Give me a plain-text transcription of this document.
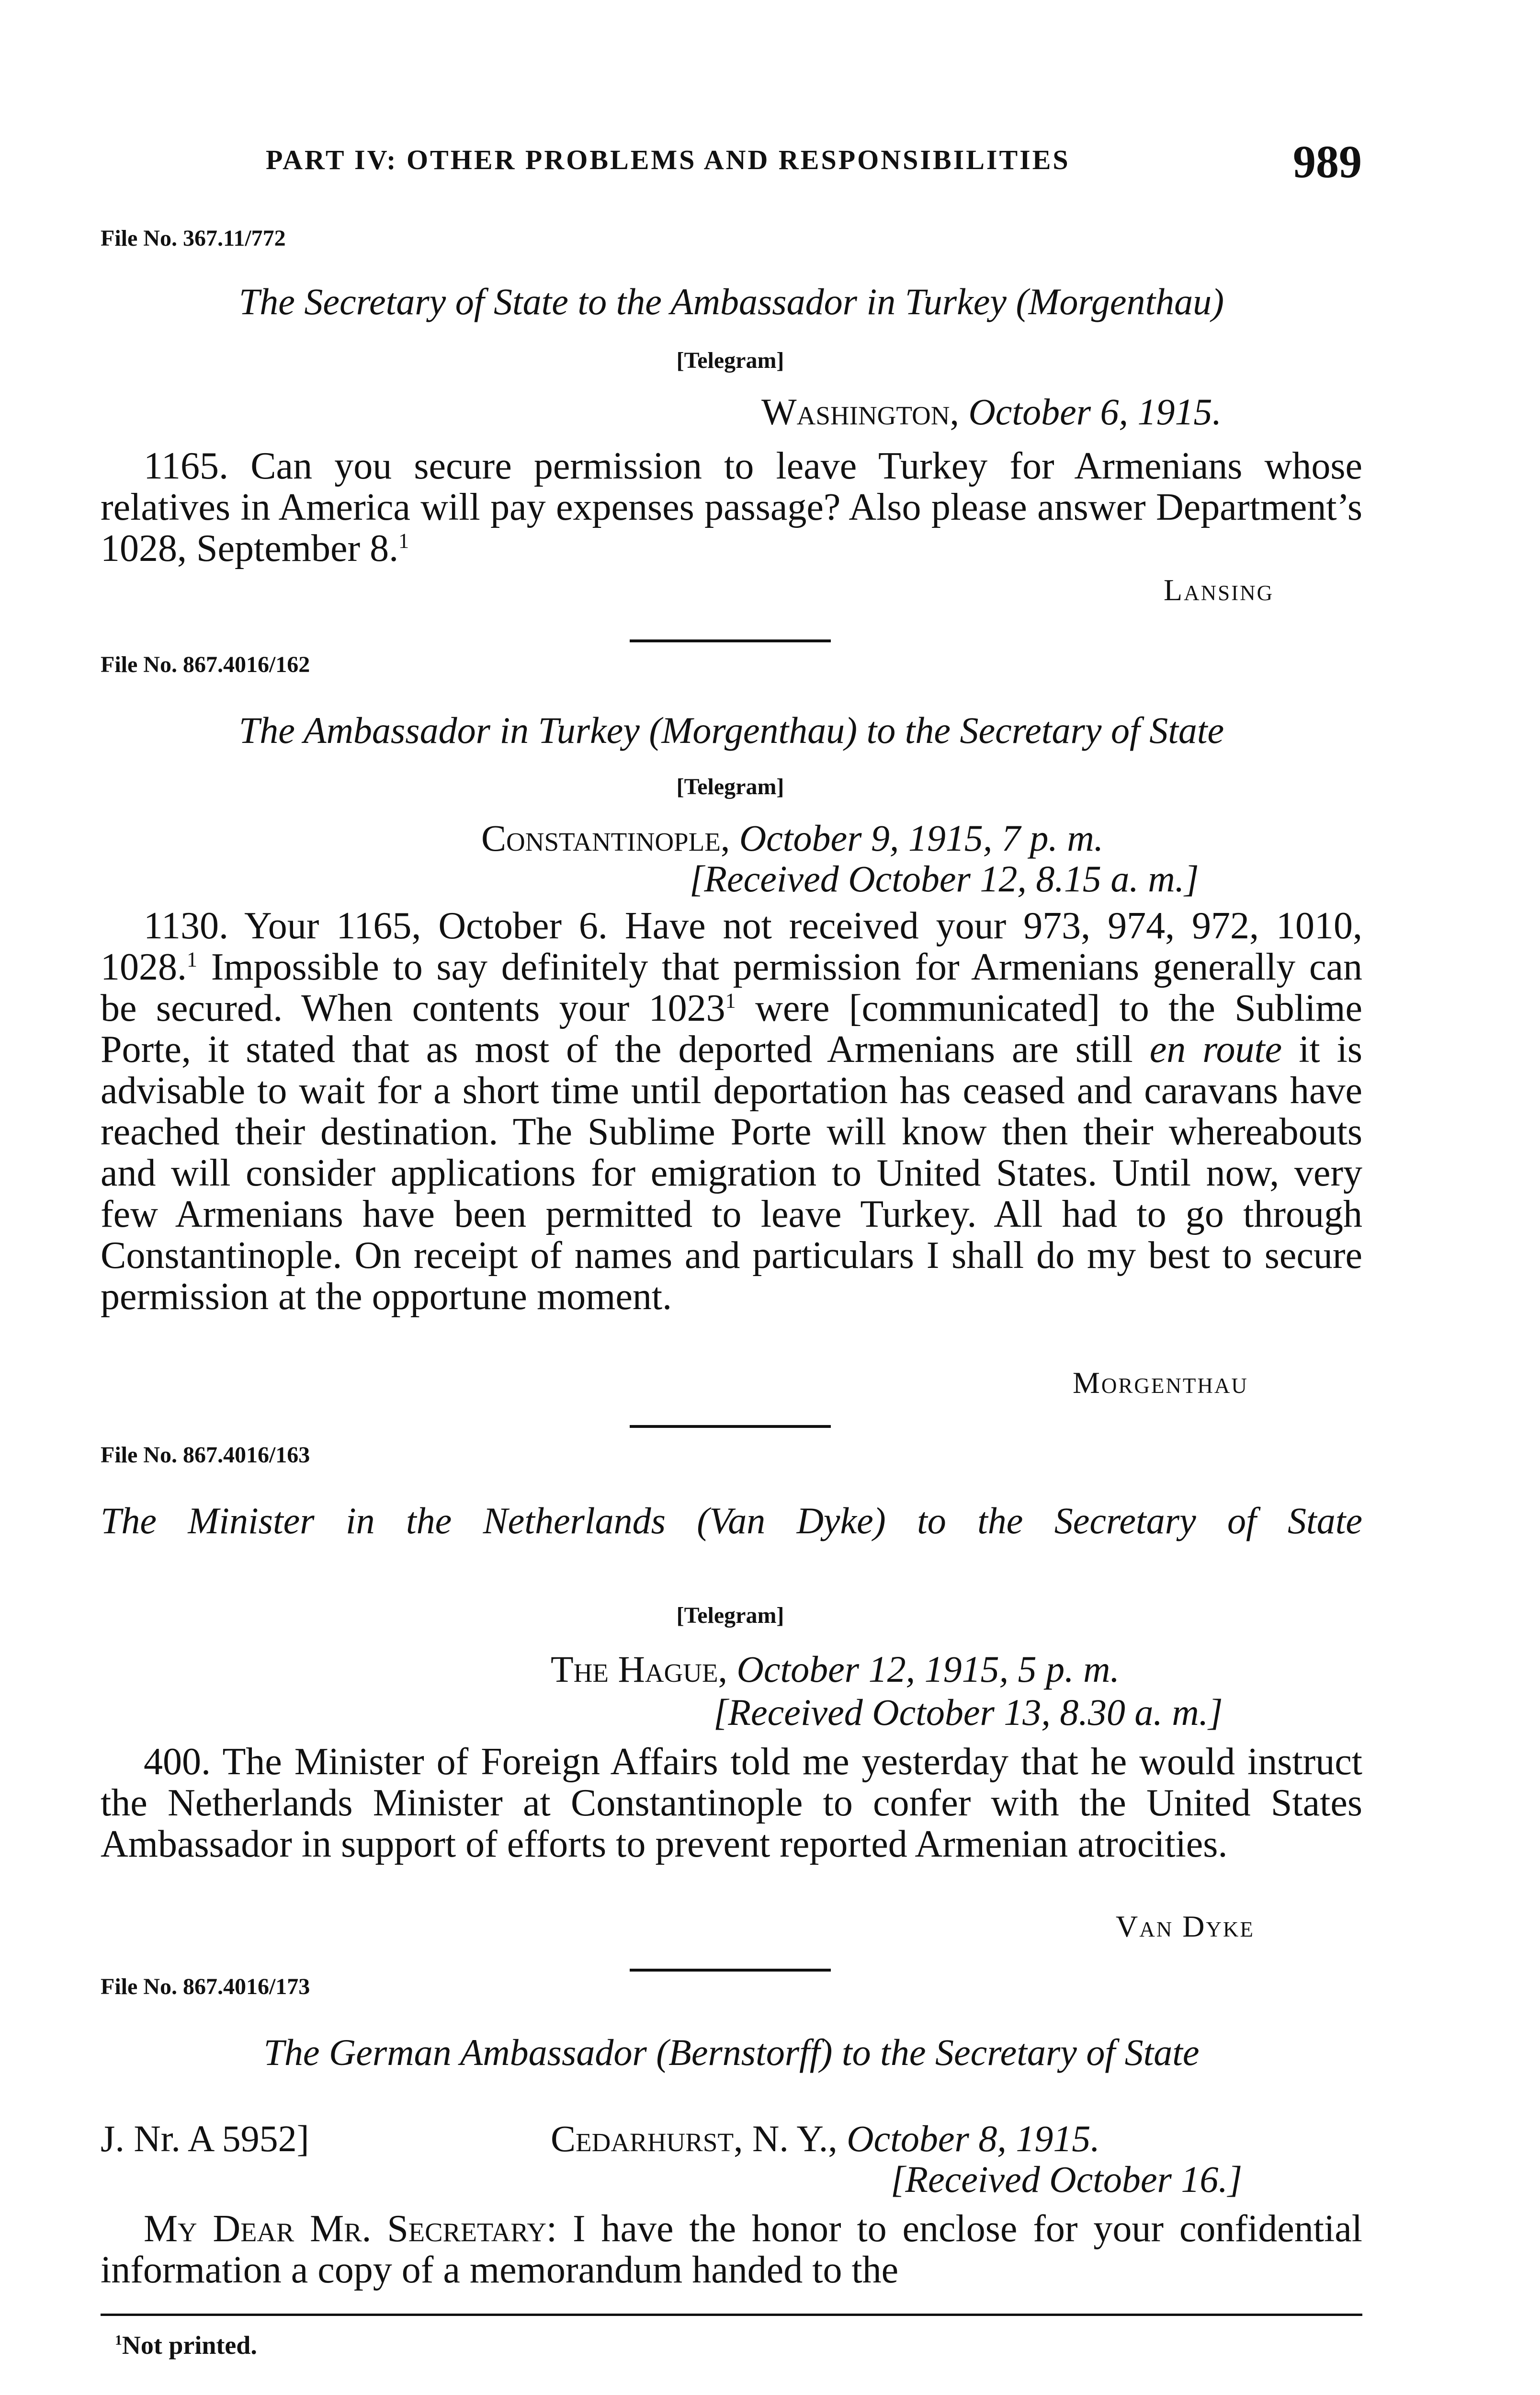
PART IV: OTHER PROBLEMS AND RESPONSIBILITIES	989
File No. 367.11/772
The Secretary of State to the Ambassador in Turkey (Morgenthau)
[Telegram]
Washington, October 6, 1915.
1165. Can you secure permission to leave Turkey for Armenians whose relatives in America will pay expenses passage? Also please answer Department’s 1028, September 8.$^1$
Lansing
File No. 867.4016/162
The Ambassador in Turkey (Morgenthau) to the Secretary of State
[Telegram]
Constantinople, October 9, 1915, 7 p. m.
[Received October 12, 8.15 a. m.]
1130. Your 1165, October 6. Have not received your 973, 974, 972, 1010, 1028.$^1$ Impossible to say definitely that permission for Armenians generally can be secured. When contents your 1023$^1$ were [communicated] to the Sublime Porte, it stated that as most of the deported Armenians are still en route it is advisable to wait for a short time until deportation has ceased and caravans have reached their destination. The Sublime Porte will know then their whereabouts and will consider applications for emigration to United States. Until now, very few Armenians have been permitted to leave Turkey. All had to go through Constantinople. On receipt of names and particulars I shall do my best to secure permission at the opportune moment.
Morgenthau
File No. 867.4016/163
The Minister in the Netherlands (Van Dyke) to the Secretary of State
[Telegram]
The Hague, October 12, 1915, 5 p. m.
[Received October 13, 8.30 a. m.]
400. The Minister of Foreign Affairs told me yesterday that he would instruct the Netherlands Minister at Constantinople to confer with the United States Ambassador in support of efforts to prevent reported Armenian atrocities.
Van Dyke
File No. 867.4016/173
The German Ambassador (Bernstorff) to the Secretary of State
J. Nr. A 5952]	Cedarhurst, N. Y., October 8, 1915.
[Received October 16.]
My Dear Mr. Secretary: I have the honor to enclose for your confidential information a copy of a memorandum handed to the
$^1$Not printed.
